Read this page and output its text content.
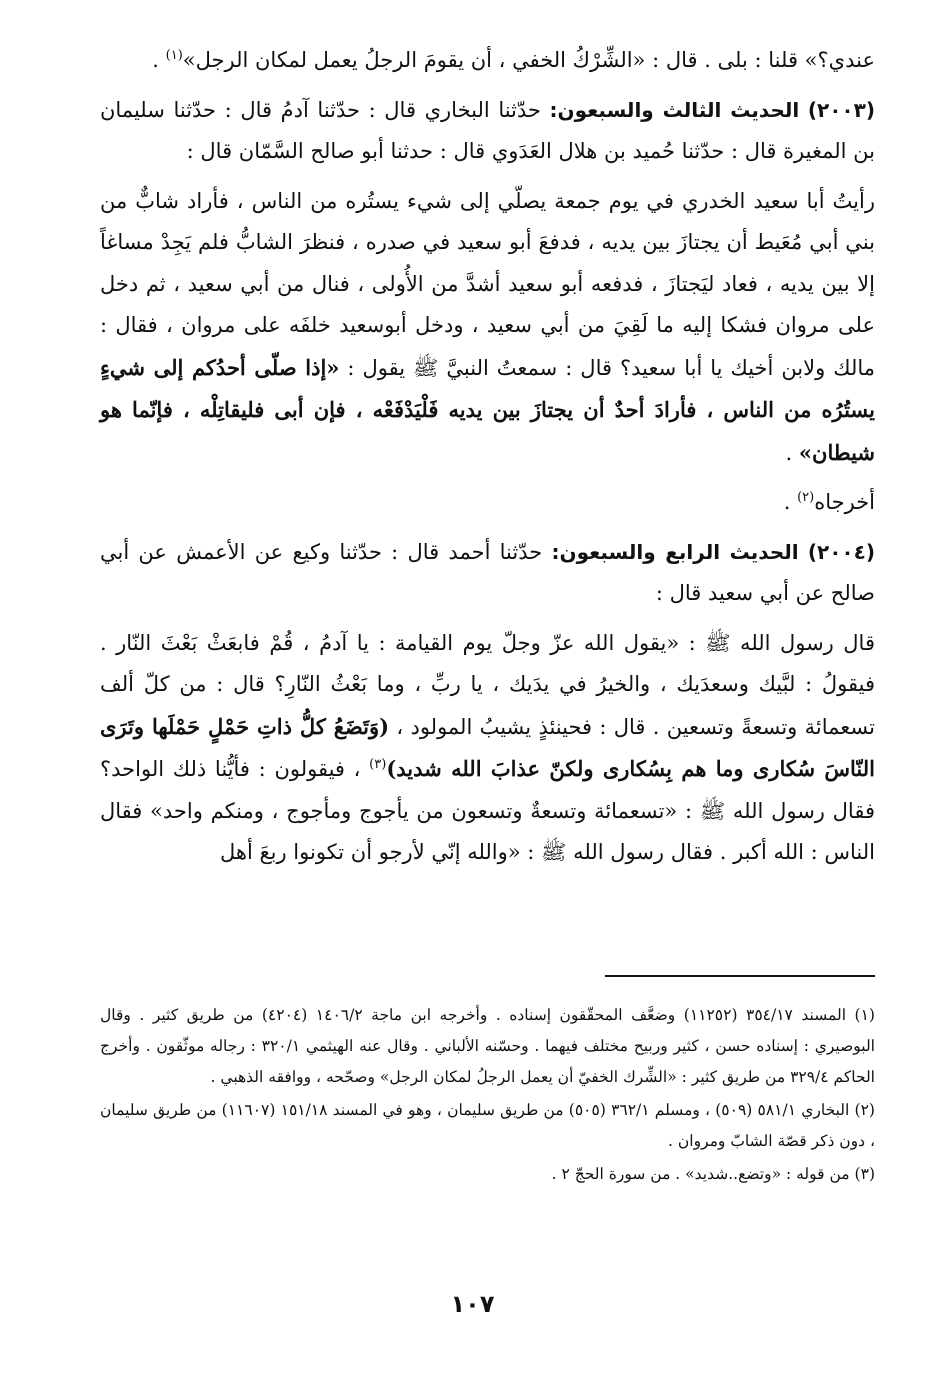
عندي؟» قلنا : بلى . قال : «الشِّرْكُ الخفي ، أن يقومَ الرجلُ يعمل لمكان الرجل»$^{(١)}$ .

(٢٠٠٣) الحديث الثالث والسبعون: حدّثنا البخاري قال : حدّثنا آدمُ قال : حدّثنا سليمان بن المغيرة قال : حدّثنا حُميد بن هلال العَدَوي قال : حدثنا أبو صالح السَّمّان قال :

رأيتُ أبا سعيد الخدري في يوم جمعة يصلّي إلى شيء يستُره من الناس ، فأراد شابٌّ من بني أبي مُعَيط أن يجتازَ بين يديه ، فدفعَ أبو سعيد في صدره ، فنظرَ الشابُّ فلم يَجِدْ مساغاً إلا بين يديه ، فعاد ليَجتازَ ، فدفعه أبو سعيد أشدَّ من الأُولى ، فنال من أبي سعيد ، ثم دخل على مروان فشكا إليه ما لَقِيَ من أبي سعيد ، ودخل أبوسعيد خلفَه على مروان ، فقال : مالك ولابن أخيك يا أبا سعيد؟ قال : سمعتُ النبيَّ ﷺ يقول : «إذا صلّى أحدُكم إلى شيءٍ يستُرُه من الناس ، فأرادَ أحدٌ أن يجتازَ بين يديه فَلْيَدْفَعْه ، فإن أبى فليقاتِلْه ، فإنّما هو شيطان» .

أخرجاه$^{(٢)}$ .

(٢٠٠٤) الحديث الرابع والسبعون: حدّثنا أحمد قال : حدّثنا وكيع عن الأعمش عن أبي صالح عن أبي سعيد قال :

قال رسول الله ﷺ : «يقول الله عزّ وجلّ يوم القيامة : يا آدمُ ، قُمْ فابعَثْ بَعْثَ النّار . فيقولُ : لبَّيك وسعدَيك ، والخيرُ في يدَيك ، يا ربِّ ، وما بَعْثُ النّارِ؟ قال : من كلّ ألف تسعمائة وتسعةً وتسعين . قال : فحينئذٍ يشيبُ المولود ، (وَتَضَعُ كلُّ ذاتِ حَمْلٍ حَمْلَها وتَرَى النّاسَ سُكارى وما هم بِسُكارى ولكنّ عذابَ الله شديد)$^{(٣)}$ ، فيقولون : فأيُّنا ذلك الواحد؟ فقال رسول الله ﷺ : «تسعمائة وتسعةٌ وتسعون من يأجوج ومأجوج ، ومنكم واحد» فقال الناس : الله أكبر . فقال رسول الله ﷺ : «والله إنّي لأرجو أن تكونوا ربعَ أهل

(١) المسند ٣٥٤/١٧ (١١٢٥٢) وضعَّف المحقّقون إسناده . وأخرجه ابن ماجة ١٤٠٦/٢ (٤٢٠٤) من طريق كثير . وقال البوصيري : إسناده حسن ، كثير وربيح مختلف فيهما . وحسّنه الألباني . وقال عنه الهيثمي ٣٢٠/١ : رجاله موثّقون . وأخرج الحاكم ٣٢٩/٤ من طريق كثير : «الشِّرك الخفيّ أن يعمل الرجلُ لمكان الرجل» وصحّحه ، ووافقه الذهبي .

(٢) البخاري ٥٨١/١ (٥٠٩) ، ومسلم ٣٦٢/١ (٥٠٥) من طريق سليمان ، وهو في المسند ١٥١/١٨ (١١٦٠٧) من طريق سليمان ، دون ذكر قصّة الشابّ ومروان .

(٣) من قوله : «وتضع..شديد» . من سورة الحجّ ٢ .

١٠٧
